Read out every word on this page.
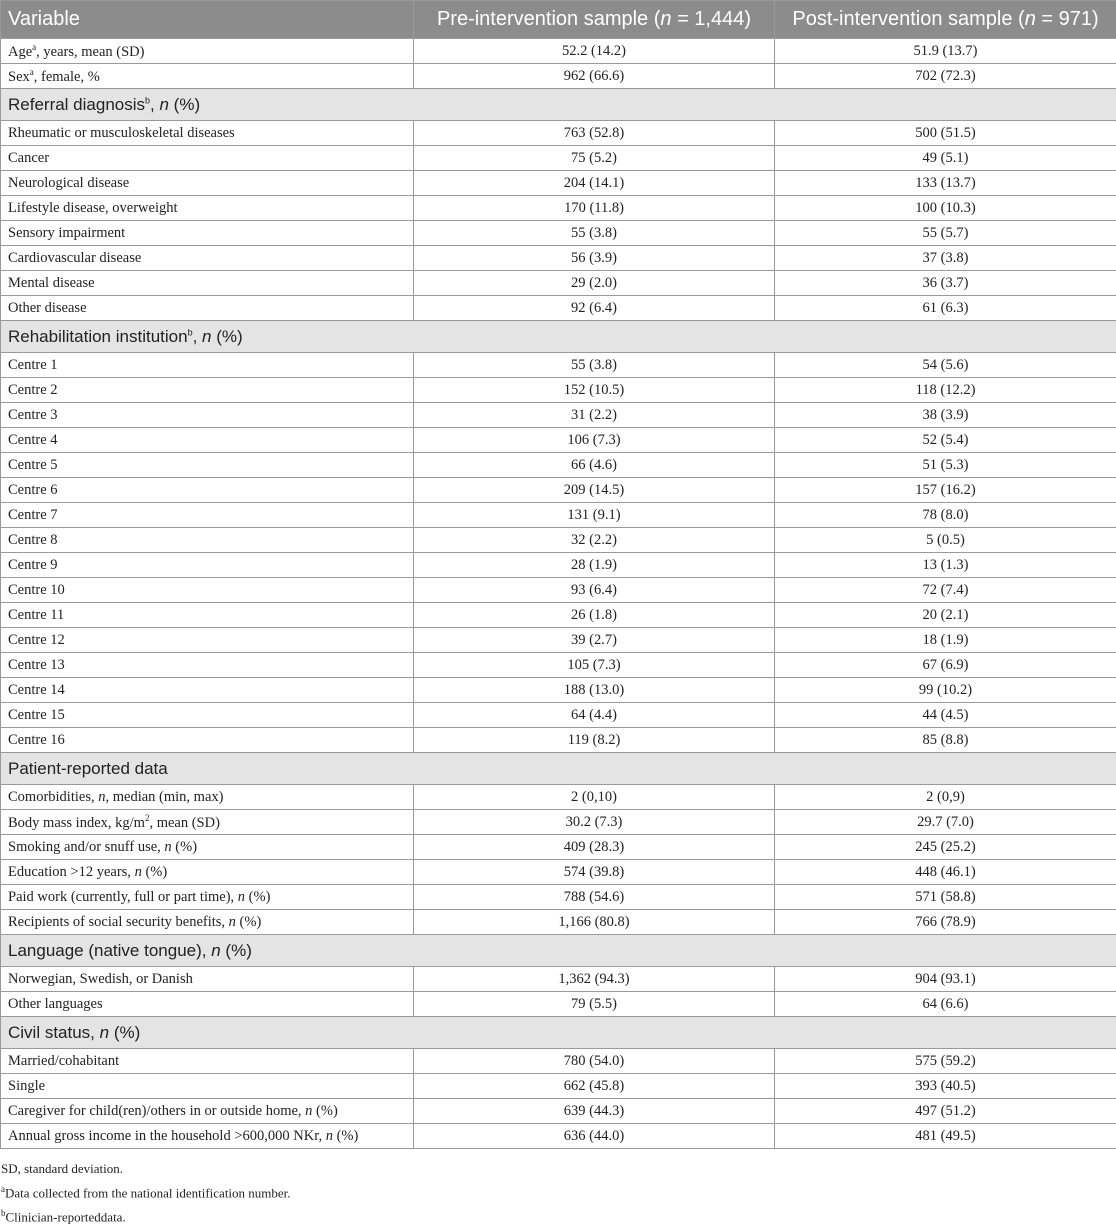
Variable	Pre-intervention sample (n = 1,444)	Post-intervention sample (n = 971)
Age$^a$, years, mean (SD)	52.2 (14.2)	51.9 (13.7)
Sex$^a$, female, %	962 (66.6)	702 (72.3)
Referral diagnosis$^b$, n (%)		
Rheumatic or musculoskeletal diseases	763 (52.8)	500 (51.5)
Cancer	75 (5.2)	49 (5.1)
Neurological disease	204 (14.1)	133 (13.7)
Lifestyle disease, overweight	170 (11.8)	100 (10.3)
Sensory impairment	55 (3.8)	55 (5.7)
Cardiovascular disease	56 (3.9)	37 (3.8)
Mental disease	29 (2.0)	36 (3.7)
Other disease	92 (6.4)	61 (6.3)
Rehabilitation institution$^b$, n (%)		
Centre 1	55 (3.8)	54 (5.6)
Centre 2	152 (10.5)	118 (12.2)
Centre 3	31 (2.2)	38 (3.9)
Centre 4	106 (7.3)	52 (5.4)
Centre 5	66 (4.6)	51 (5.3)
Centre 6	209 (14.5)	157 (16.2)
Centre 7	131 (9.1)	78 (8.0)
Centre 8	32 (2.2)	5 (0.5)
Centre 9	28 (1.9)	13 (1.3)
Centre 10	93 (6.4)	72 (7.4)
Centre 11	26 (1.8)	20 (2.1)
Centre 12	39 (2.7)	18 (1.9)
Centre 13	105 (7.3)	67 (6.9)
Centre 14	188 (13.0)	99 (10.2)
Centre 15	64 (4.4)	44 (4.5)
Centre 16	119 (8.2)	85 (8.8)
Patient-reported data		
Comorbidities, n, median (min, max)	2 (0,10)	2 (0,9)
Body mass index, $kg/m^2$, mean (SD)	30.2 (7.3)	29.7 (7.0)
Smoking and/or snuff use, n (%)	409 (28.3)	245 (25.2)
Education >12 years, n (%)	574 (39.8)	448 (46.1)
Paid work (currently, full or part time), n (%)	788 (54.6)	571 (58.8)
Recipients of social security benefits, n (%)	1,166 (80.8)	766 (78.9)
Language (native tongue), n (%)		
Norwegian, Swedish, or Danish	1,362 (94.3)	904 (93.1)
Other languages	79 (5.5)	64 (6.6)
Civil status, n (%)		
Married/cohabitant	780 (54.0)	575 (59.2)
Single	662 (45.8)	393 (40.5)
Caregiver for child(ren)/others in or outside home, n (%)	639 (44.3)	497 (51.2)
Annual gross income in the household >600,000 NKr, n (%)	636 (44.0)	481 (49.5)
SD, standard deviation.
$^a$Data collected from the national identification number.
$^b$Clinician-reporteddata.
